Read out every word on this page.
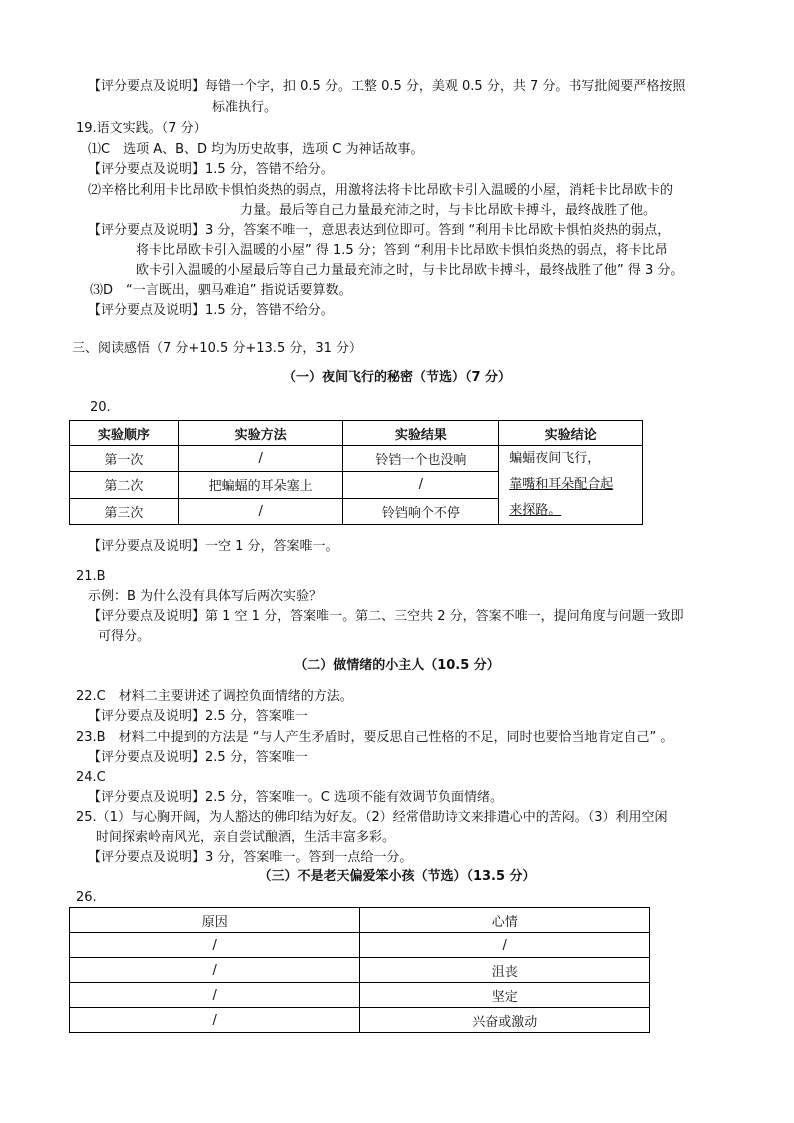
【评分要点及说明】每错一个字，扣 0.5 分。工整 0.5 分，美观 0.5 分，共 7 分。书写批阅要严格按照
标准执行。
19.语文实践。（7 分）
⑴C　选项 A、B、D 均为历史故事，选项 C 为神话故事。
【评分要点及说明】1.5 分，答错不给分。
⑵辛格比利用卡比昂欧卡惧怕炎热的弱点，用激将法将卡比昂欧卡引入温暖的小屋，消耗卡比昂欧卡的
力量。最后等自己力量最充沛之时，与卡比昂欧卡搏斗，最终战胜了他。
【评分要点及说明】3 分，答案不唯一，意思表达到位即可。答到 “利用卡比昂欧卡惧怕炎热的弱点，
将卡比昂欧卡引入温暖的小屋” 得 1.5 分；答到 “利用卡比昂欧卡惧怕炎热的弱点，将卡比昂
欧卡引入温暖的小屋最后等自己力量最充沛之时，与卡比昂欧卡搏斗，最终战胜了他” 得 3 分。
⑶D　“一言既出，驷马难追” 指说话要算数。
【评分要点及说明】1.5 分，答错不给分。
三、阅读感悟（7 分+10.5 分+13.5 分，31 分）
（一）夜间飞行的秘密（节选）（7 分）
20.
实验顺序	实验方法	实验结果	实验结论
第一次	/	铃铛一个也没响	蝙蝠夜间飞行，
靠嘴和耳朵配合起
来探路。

第二次	把蝙蝠的耳朵塞上	/	
第三次	/	铃铛响个不停	
【评分要点及说明】一空 1 分，答案唯一。
21.B
示例：B 为什么没有具体写后两次实验？
【评分要点及说明】第 1 空 1 分，答案唯一。第二、三空共 2 分，答案不唯一，提问角度与问题一致即
可得分。
（二）做情绪的小主人（10.5 分）
22.C　材料二主要讲述了调控负面情绪的方法。
【评分要点及说明】2.5 分，答案唯一
23.B　材料二中提到的方法是 “与人产生矛盾时，要反思自己性格的不足，同时也要恰当地肯定自己” 。
【评分要点及说明】2.5 分，答案唯一
24.C
【评分要点及说明】2.5 分，答案唯一。C 选项不能有效调节负面情绪。
25.（1）与心胸开阔，为人豁达的佛印结为好友。（2）经常借助诗文来排遣心中的苦闷。（3）利用空闲
时间探索岭南风光，亲自尝试酿酒，生活丰富多彩。
【评分要点及说明】3 分，答案唯一。答到一点给一分。
（三）不是老天偏爱笨小孩（节选）（13.5 分）
26.
原因	心情
/	/
/	沮丧
/	坚定
/	兴奋或激动
